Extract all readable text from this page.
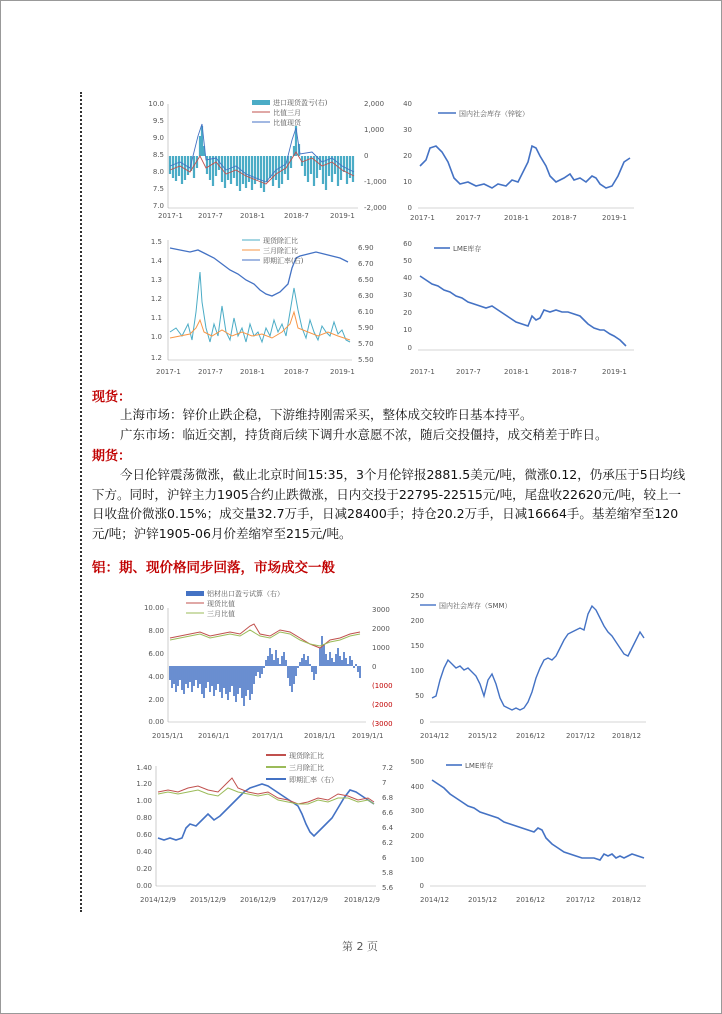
10.0
9.5
9.0
8.5
8.0
7.5
7.0
2,000
1,000
0
-1,000
-2,000
进口现货盈亏(右)
比值三月
比值现货
2017-1 2017-7 2018-1	2018-7	2019-1
40
30
20
10
0
国内社会库存（锌锭）
2017-1	2017-7	2018-1	2018-7	2019-1
1.5
1.4
1.3
1.2
1.1
1.0
1.2
6.90
6.70
6.50
6.30
6.10
5.90
5.70
5.50
现货除汇比
三月除汇比
即期汇率(右)
2017-1 2017-7 2018-1	2018-7	2019-1
60
50
40
30
20
10
0
LME库存
2017-1	2017-7	2018-1	2018-7	2019-1
现货：
上海市场：锌价止跌企稳，下游维持刚需采买，整体成交较昨日基本持平。
广东市场：临近交割，持货商后续下调升水意愿不浓，随后交投僵持，成交稍差于昨日。
期货：
今日伦锌震荡微涨，截止北京时间15:35，3个月伦锌报2881.5美元/吨，微涨0.12，仍承压于5日均线下方。同时，沪锌主力1905合约止跌微涨，日内交投于22795-22515元/吨，尾盘收22620元/吨，较上一日收盘价微涨0.15%；成交量32.7万手，日减28400手；持仓20.2万手，日减16664手。基差缩窄至120元/吨；沪锌1905-06月价差缩窄至215元/吨。
铝：期、现价格同步回落，市场成交一般
10.00
8.00
6.00
4.00
2.00
0.00
3000
2000
1000
0
(1000
(2000
(3000
铝材出口盈亏试算（右）
现货比值
三月比值
2015/1/1 2016/1/1	2017/1/1	2018/1/1 2019/1/1
250
200
150
100
50
0
国内社会库存（SMM）
2014/12	2015/12	2016/12	2017/12 2018/12
1.40
1.20
1.00
0.80
0.60
0.40
0.20
0.00
7.2
7
6.8
6.6
6.4
6.2
6
5.8
5.6
现货除汇比
三月除汇比
即期汇率（右）
2014/12/9 2015/12/9 2016/12/9 2017/12/9 2018/12/9
500
400
300
200
100
0
LME库存
2014/12	2015/12	2016/12	2017/12 2018/12
第 2 页
